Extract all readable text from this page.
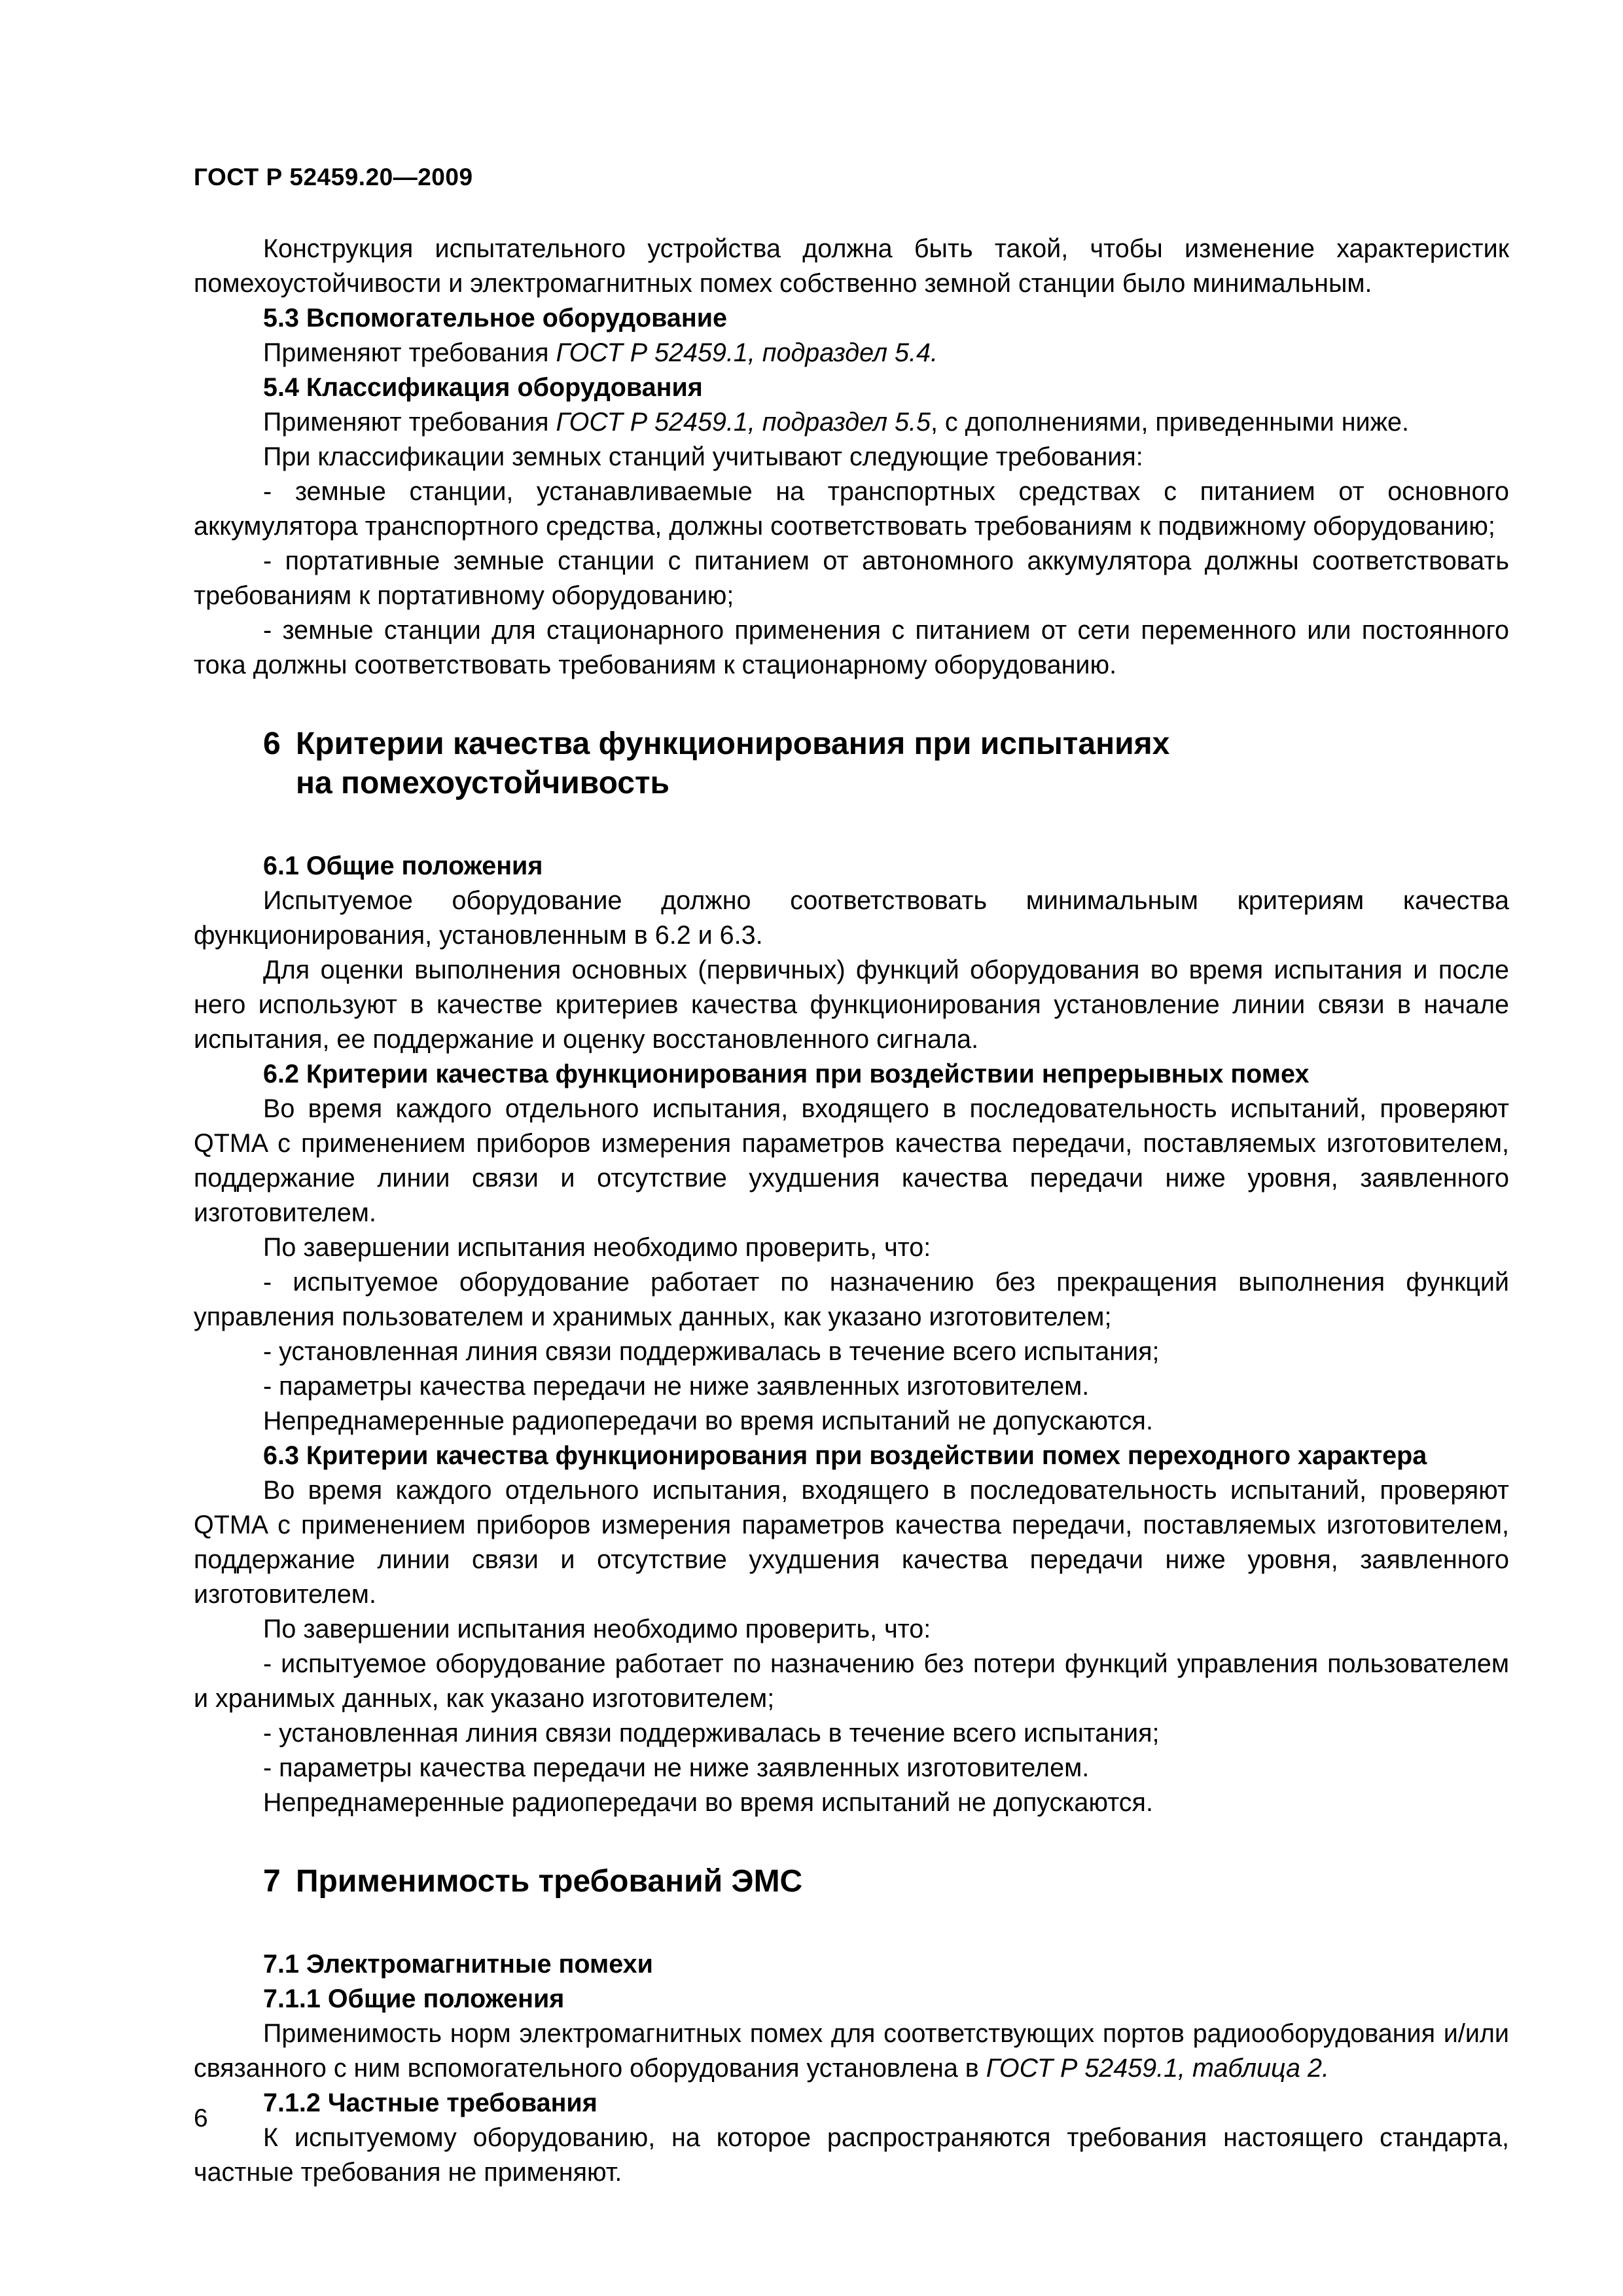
ГОСТ Р 52459.20—2009

Конструкция испытательного устройства должна быть такой, чтобы изменение характеристик помехоустойчивости и электромагнитных помех собственно земной станции было минимальным.

5.3 Вспомогательное оборудование

Применяют требования ГОСТ Р 52459.1, подраздел 5.4.

5.4 Классификация оборудования

Применяют требования ГОСТ Р 52459.1, подраздел 5.5, с дополнениями, приведенными ниже.

При классификации земных станций учитывают следующие требования:

- земные станции, устанавливаемые на транспортных средствах с питанием от основного аккумулятора транспортного средства, должны соответствовать требованиям к подвижному оборудованию;

- портативные земные станции с питанием от автономного аккумулятора должны соответствовать требованиям к портативному оборудованию;

- земные станции для стационарного применения с питанием от сети переменного или постоянного тока должны соответствовать требованиям к стационарному оборудованию.

6 Критерии качества функционирования при испытаниях
на помехоустойчивость

6.1 Общие положения

Испытуемое оборудование должно соответствовать минимальным критериям качества функционирования, установленным в 6.2 и 6.3.

Для оценки выполнения основных (первичных) функций оборудования во время испытания и после него используют в качестве критериев качества функционирования установление линии связи в начале испытания, ее поддержание и оценку восстановленного сигнала.

6.2 Критерии качества функционирования при воздействии непрерывных помех

Во время каждого отдельного испытания, входящего в последовательность испытаний, проверяют QTMA с применением приборов измерения параметров качества передачи, поставляемых изготовителем, поддержание линии связи и отсутствие ухудшения качества передачи ниже уровня, заявленного изготовителем.

По завершении испытания необходимо проверить, что:

- испытуемое оборудование работает по назначению без прекращения выполнения функций управления пользователем и хранимых данных, как указано изготовителем;

- установленная линия связи поддерживалась в течение всего испытания;

- параметры качества передачи не ниже заявленных изготовителем.

Непреднамеренные радиопередачи во время испытаний не допускаются.

6.3 Критерии качества функционирования при воздействии помех переходного характера

Во время каждого отдельного испытания, входящего в последовательность испытаний, проверяют QTMA с применением приборов измерения параметров качества передачи, поставляемых изготовителем, поддержание линии связи и отсутствие ухудшения качества передачи ниже уровня, заявленного изготовителем.

По завершении испытания необходимо проверить, что:

- испытуемое оборудование работает по назначению без потери функций управления пользователем и хранимых данных, как указано изготовителем;

- установленная линия связи поддерживалась в течение всего испытания;

- параметры качества передачи не ниже заявленных изготовителем.

Непреднамеренные радиопередачи во время испытаний не допускаются.

7 Применимость требований ЭМС

7.1 Электромагнитные помехи

7.1.1 Общие положения

Применимость норм электромагнитных помех для соответствующих портов радиооборудования и/или связанного с ним вспомогательного оборудования установлена в ГОСТ Р 52459.1, таблица 2.

7.1.2 Частные требования

К испытуемому оборудованию, на которое распространяются требования настоящего стандарта, частные требования не применяют.

6
